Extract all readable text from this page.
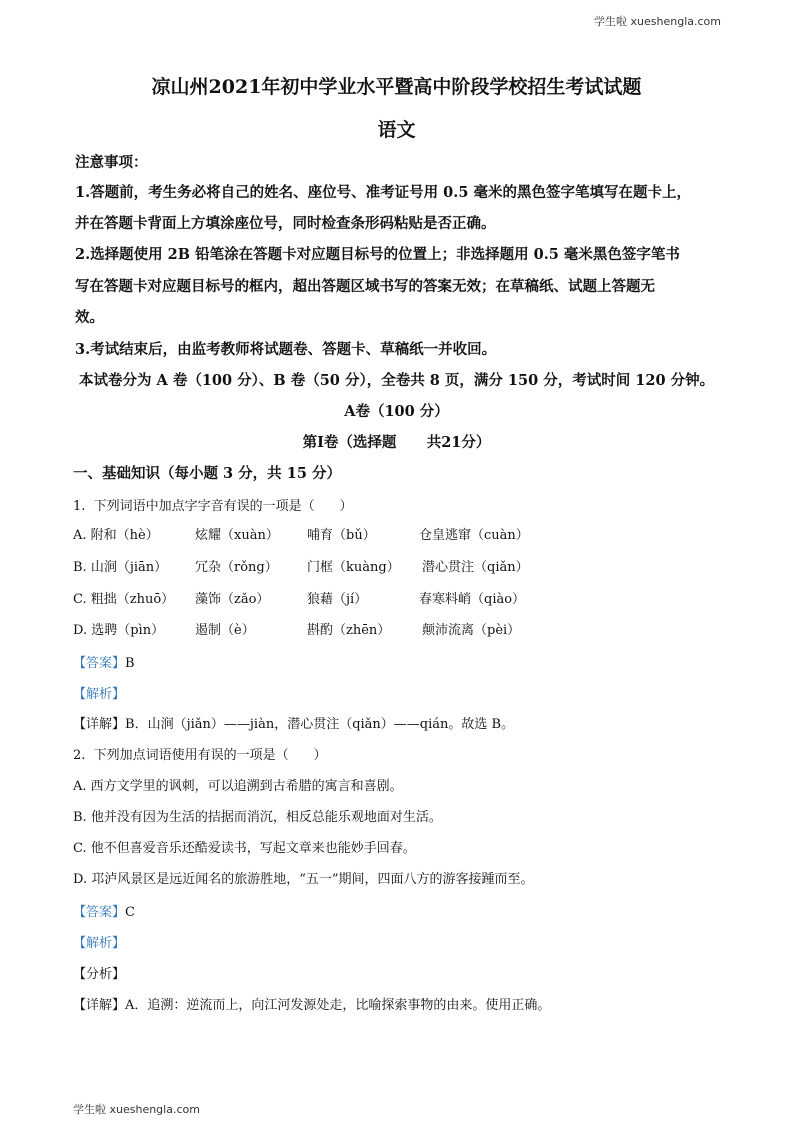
学生啦 xueshengla.com
学生啦 xueshengla.com
凉山州2021年初中学业水平暨高中阶段学校招生考试试题
语文
注意事项：
1.答题前，考生务必将自己的姓名、座位号、准考证号用 0.5 毫米的黑色签字笔填写在题卡上，
并在答题卡背面上方填涂座位号，同时检查条形码粘贴是否正确。
2.选择题使用 2B 铅笔涂在答题卡对应题目标号的位置上；非选择题用 0.5 毫米黑色签字笔书
写在答题卡对应题目标号的框内，超出答题区域书写的答案无效；在草稿纸、试题上答题无
效。
3.考试结束后，由监考教师将试题卷、答题卡、草稿纸一并收回。
本试卷分为 A 卷（100 分）、B 卷（50 分），全卷共 8 页，满分 150 分，考试时间 120 分钟。
A卷（100 分）
第Ⅰ卷（选择题      共21分）
一、基础知识（每小题 3 分，共 15 分）
1.  下列词语中加点字字音有误的一项是（      ）
A. 附和（hè）	炫耀（xuàn） 哺育（bǔ）	仓皇逃窜（cuàn）
B. 山涧（jiān） 冗杂（rǒng） 门框（kuàng） 潜心贯注（qiǎn）
C. 粗拙（zhuō） 藻饰（zǎo）	狼藉（jí）	春寒料峭（qiào）
D. 选聘（pìn） 遏制（è）	斟酌（zhēn） 颠沛流离（pèi）
【答案】B
【解析】
【详解】B．山涧（jiǎn）——jiàn，潜心贯注（qiǎn）——qián。故选 B。
2.  下列加点词语使用有误的一项是（      ）
A. 西方文学里的讽刺，可以追溯到古希腊的寓言和喜剧。
B. 他并没有因为生活的拮据而消沉，相反总能乐观地面对生活。
C. 他不但喜爱音乐还酷爱读书，写起文章来也能妙手回春。
D. 邛泸风景区是远近闻名的旅游胜地，“五一”期间，四面八方的游客接踵而至。
【答案】C
【解析】
【分析】
【详解】A．追溯：逆流而上，向江河发源处走，比喻探索事物的由来。使用正确。
